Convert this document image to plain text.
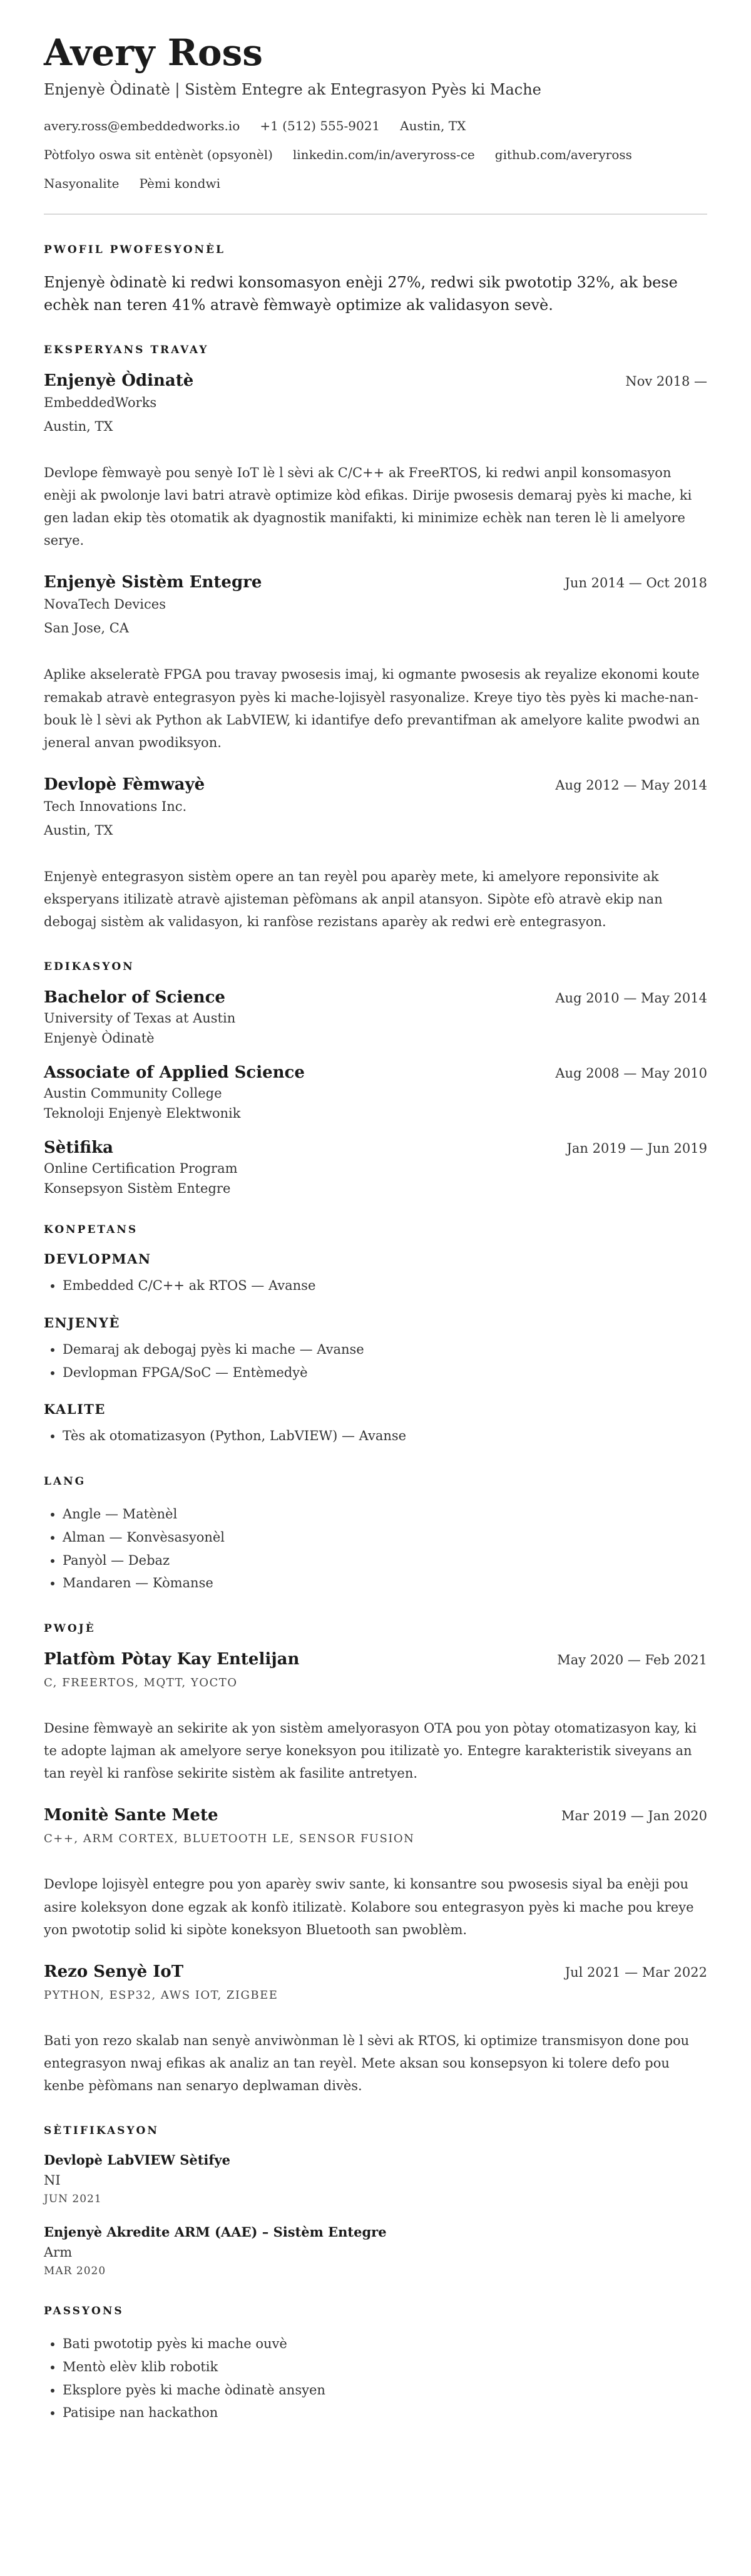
Avery Ross
Enjenyè Òdinatè | Sistèm Entegre ak Entegrasyon Pyès ki Mache
avery.ross@embeddedworks.io +1 (512) 555-9021 Austin, TX
Pòtfolyo oswa sit entènèt (opsyonèl) linkedin.com/in/averyross-ce github.com/averyross
Nasyonalite Pèmi kondwi
PWOFIL PWOFESYONÈL

Enjenyè òdinatè ki redwi konsomasyon enèji 27%, redwi sik pwototip 32%, ak bese echèk nan teren 41% atravè fèmwayè optimize ak validasyon sevè.

EKSPERYANS TRAVAY
Enjenyè Òdinatè	Nov 2018 —
EmbeddedWorks
Austin, TX

Devlope fèmwayè pou senyè IoT lè l sèvi ak C/C++ ak FreeRTOS, ki redwi anpil konsomasyon enèji ak pwolonje lavi batri atravè optimize kòd efikas. Dirije pwosesis demaraj pyès ki mache, ki gen ladan ekip tès otomatik ak dyagnostik manifakti, ki minimize echèk nan teren lè li amelyore serye.

Enjenyè Sistèm Entegre	Jun 2014 — Oct 2018
NovaTech Devices
San Jose, CA

Aplike akseleratè FPGA pou travay pwosesis imaj, ki ogmante pwosesis ak reyalize ekonomi koute remakab atravè entegrasyon pyès ki mache-lojisyèl rasyonalize. Kreye tiyo tès pyès ki mache-nan-bouk lè l sèvi ak Python ak LabVIEW, ki idantifye defo prevantifman ak amelyore kalite pwodwi an jeneral anvan pwodiksyon.

Devlopè Fèmwayè	Aug 2012 — May 2014
Tech Innovations Inc.
Austin, TX

Enjenyè entegrasyon sistèm opere an tan reyèl pou aparèy mete, ki amelyore reponsivite ak eksperyans itilizatè atravè ajisteman pèfòmans ak anpil atansyon. Sipòte efò atravè ekip nan debogaj sistèm ak validasyon, ki ranfòse rezistans aparèy ak redwi erè entegrasyon.

EDIKASYON
Bachelor of Science	Aug 2010 — May 2014
University of Texas at Austin
Enjenyè Òdinatè
Associate of Applied Science	Aug 2008 — May 2010
Austin Community College
Teknoloji Enjenyè Elektwonik
Sètifika	Jan 2019 — Jun 2019
Online Certification Program
Konsepsyon Sistèm Entegre
KONPETANS
DEVLOPMAN
• Embedded C/C++ ak RTOS — Avanse
ENJENYÈ
• Demaraj ak debogaj pyès ki mache — Avanse
• Devlopman FPGA/SoC — Entèmedyè
KALITE
• Tès ak otomatizasyon (Python, LabVIEW) — Avanse
LANG
• Angle — Matènèl
• Alman — Konvèsasyonèl
• Panyòl — Debaz
• Mandaren — Kòmanse
PWOJÈ
Platfòm Pòtay Kay Entelijan	May 2020 — Feb 2021
C, FREERTOS, MQTT, YOCTO

Desine fèmwayè an sekirite ak yon sistèm amelyorasyon OTA pou yon pòtay otomatizasyon kay, ki te adopte lajman ak amelyore serye koneksyon pou itilizatè yo. Entegre karakteristik siveyans an tan reyèl ki ranfòse sekirite sistèm ak fasilite antretyen.

Monitè Sante Mete	Mar 2019 — Jan 2020
C++, ARM CORTEX, BLUETOOTH LE, SENSOR FUSION

Devlope lojisyèl entegre pou yon aparèy swiv sante, ki konsantre sou pwosesis siyal ba enèji pou asire koleksyon done egzak ak konfò itilizatè. Kolabore sou entegrasyon pyès ki mache pou kreye yon pwototip solid ki sipòte koneksyon Bluetooth san pwoblèm.

Rezo Senyè IoT	Jul 2021 — Mar 2022
PYTHON, ESP32, AWS IOT, ZIGBEE

Bati yon rezo skalab nan senyè anviwònman lè l sèvi ak RTOS, ki optimize transmisyon done pou entegrasyon nwaj efikas ak analiz an tan reyèl. Mete aksan sou konsepsyon ki tolere defo pou kenbe pèfòmans nan senaryo deplwaman divès.

SÈTIFIKASYON
Devlopè LabVIEW Sètifye
NI
JUN 2021
Enjenyè Akredite ARM (AAE) – Sistèm Entegre
Arm
MAR 2020
PASSYONS
• Bati pwototip pyès ki mache ouvè
• Mentò elèv klib robotik
• Eksplore pyès ki mache òdinatè ansyen
• Patisipe nan hackathon
